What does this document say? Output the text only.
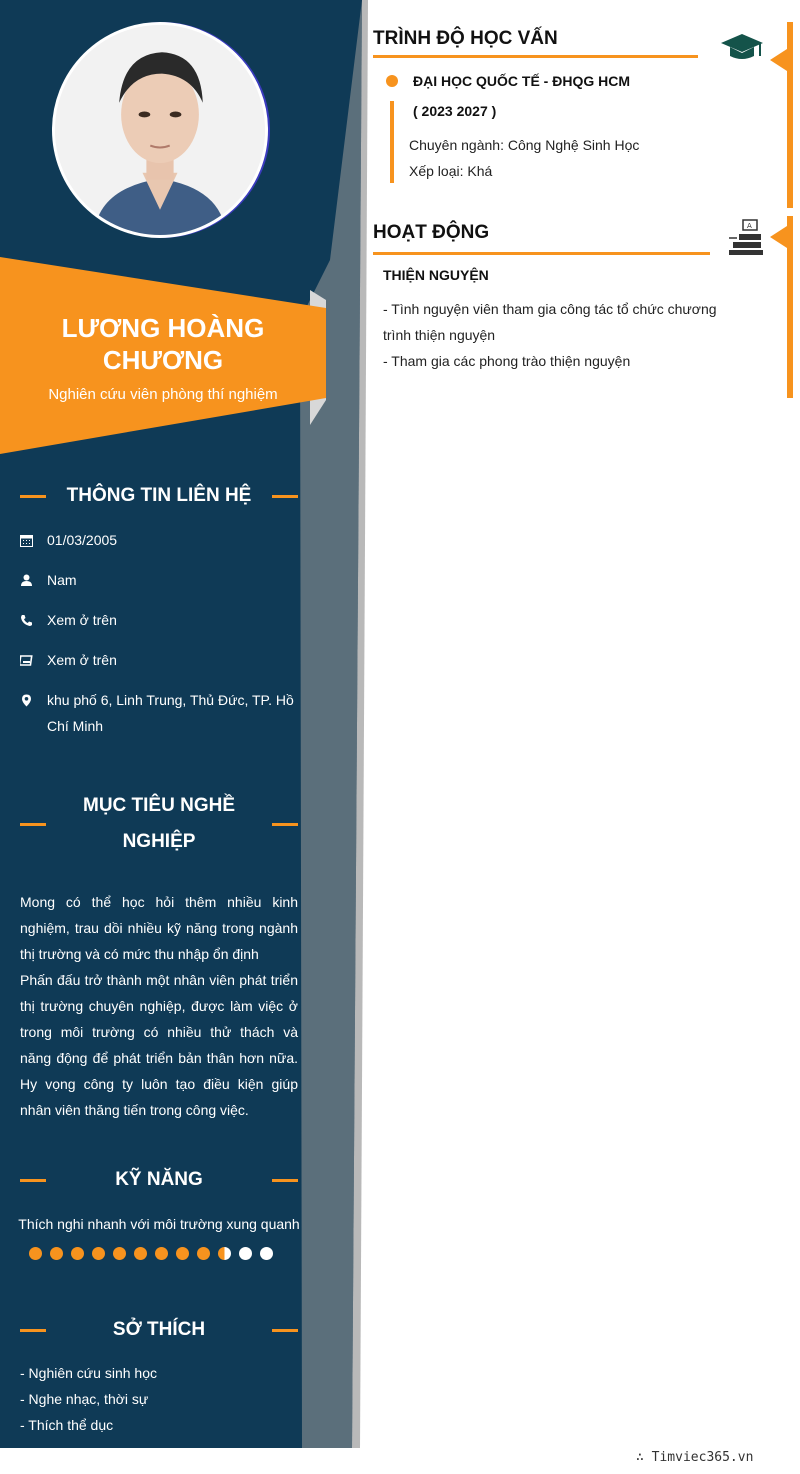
LƯƠNG HOÀNG CHƯƠNG
Nghiên cứu viên phòng thí nghiệm
THÔNG TIN LIÊN HỆ
01/03/2005
Nam
Xem ở trên
Xem ở trên
khu phố 6, Linh Trung, Thủ Đức, TP. Hồ Chí Minh
MỤC TIÊU NGHỀ NGHIỆP

Mong có thể học hỏi thêm nhiều kinh nghiệm, trau dồi nhiều kỹ năng trong ngành thị trường và có mức thu nhập ổn định

Phấn đấu trở thành một nhân viên phát triển thị trường chuyên nghiệp, được làm việc ở trong môi trường có nhiều thử thách và năng động để phát triển bản thân hơn nữa. Hy vọng công ty luôn tạo điều kiện giúp nhân viên thăng tiến trong công việc.

KỸ NĂNG
Thích nghi nhanh với môi trường xung quanh
SỞ THÍCH
- Nghiên cứu sinh học
- Nghe nhạc, thời sự
- Thích thể dục
TRÌNH ĐỘ HỌC VẤN
ĐẠI HỌC QUỐC TẾ - ĐHQG HCM
( 2023 2027 )
Chuyên ngành: Công Nghệ Sinh Học
Xếp loại: Khá
HOẠT ĐỘNG	A
THIỆN NGUYỆN
- Tình nguyện viên tham gia công tác tổ chức chương trình thiện nguyện
- Tham gia các phong trào thiện nguyện
∴ Timviec365.vn
